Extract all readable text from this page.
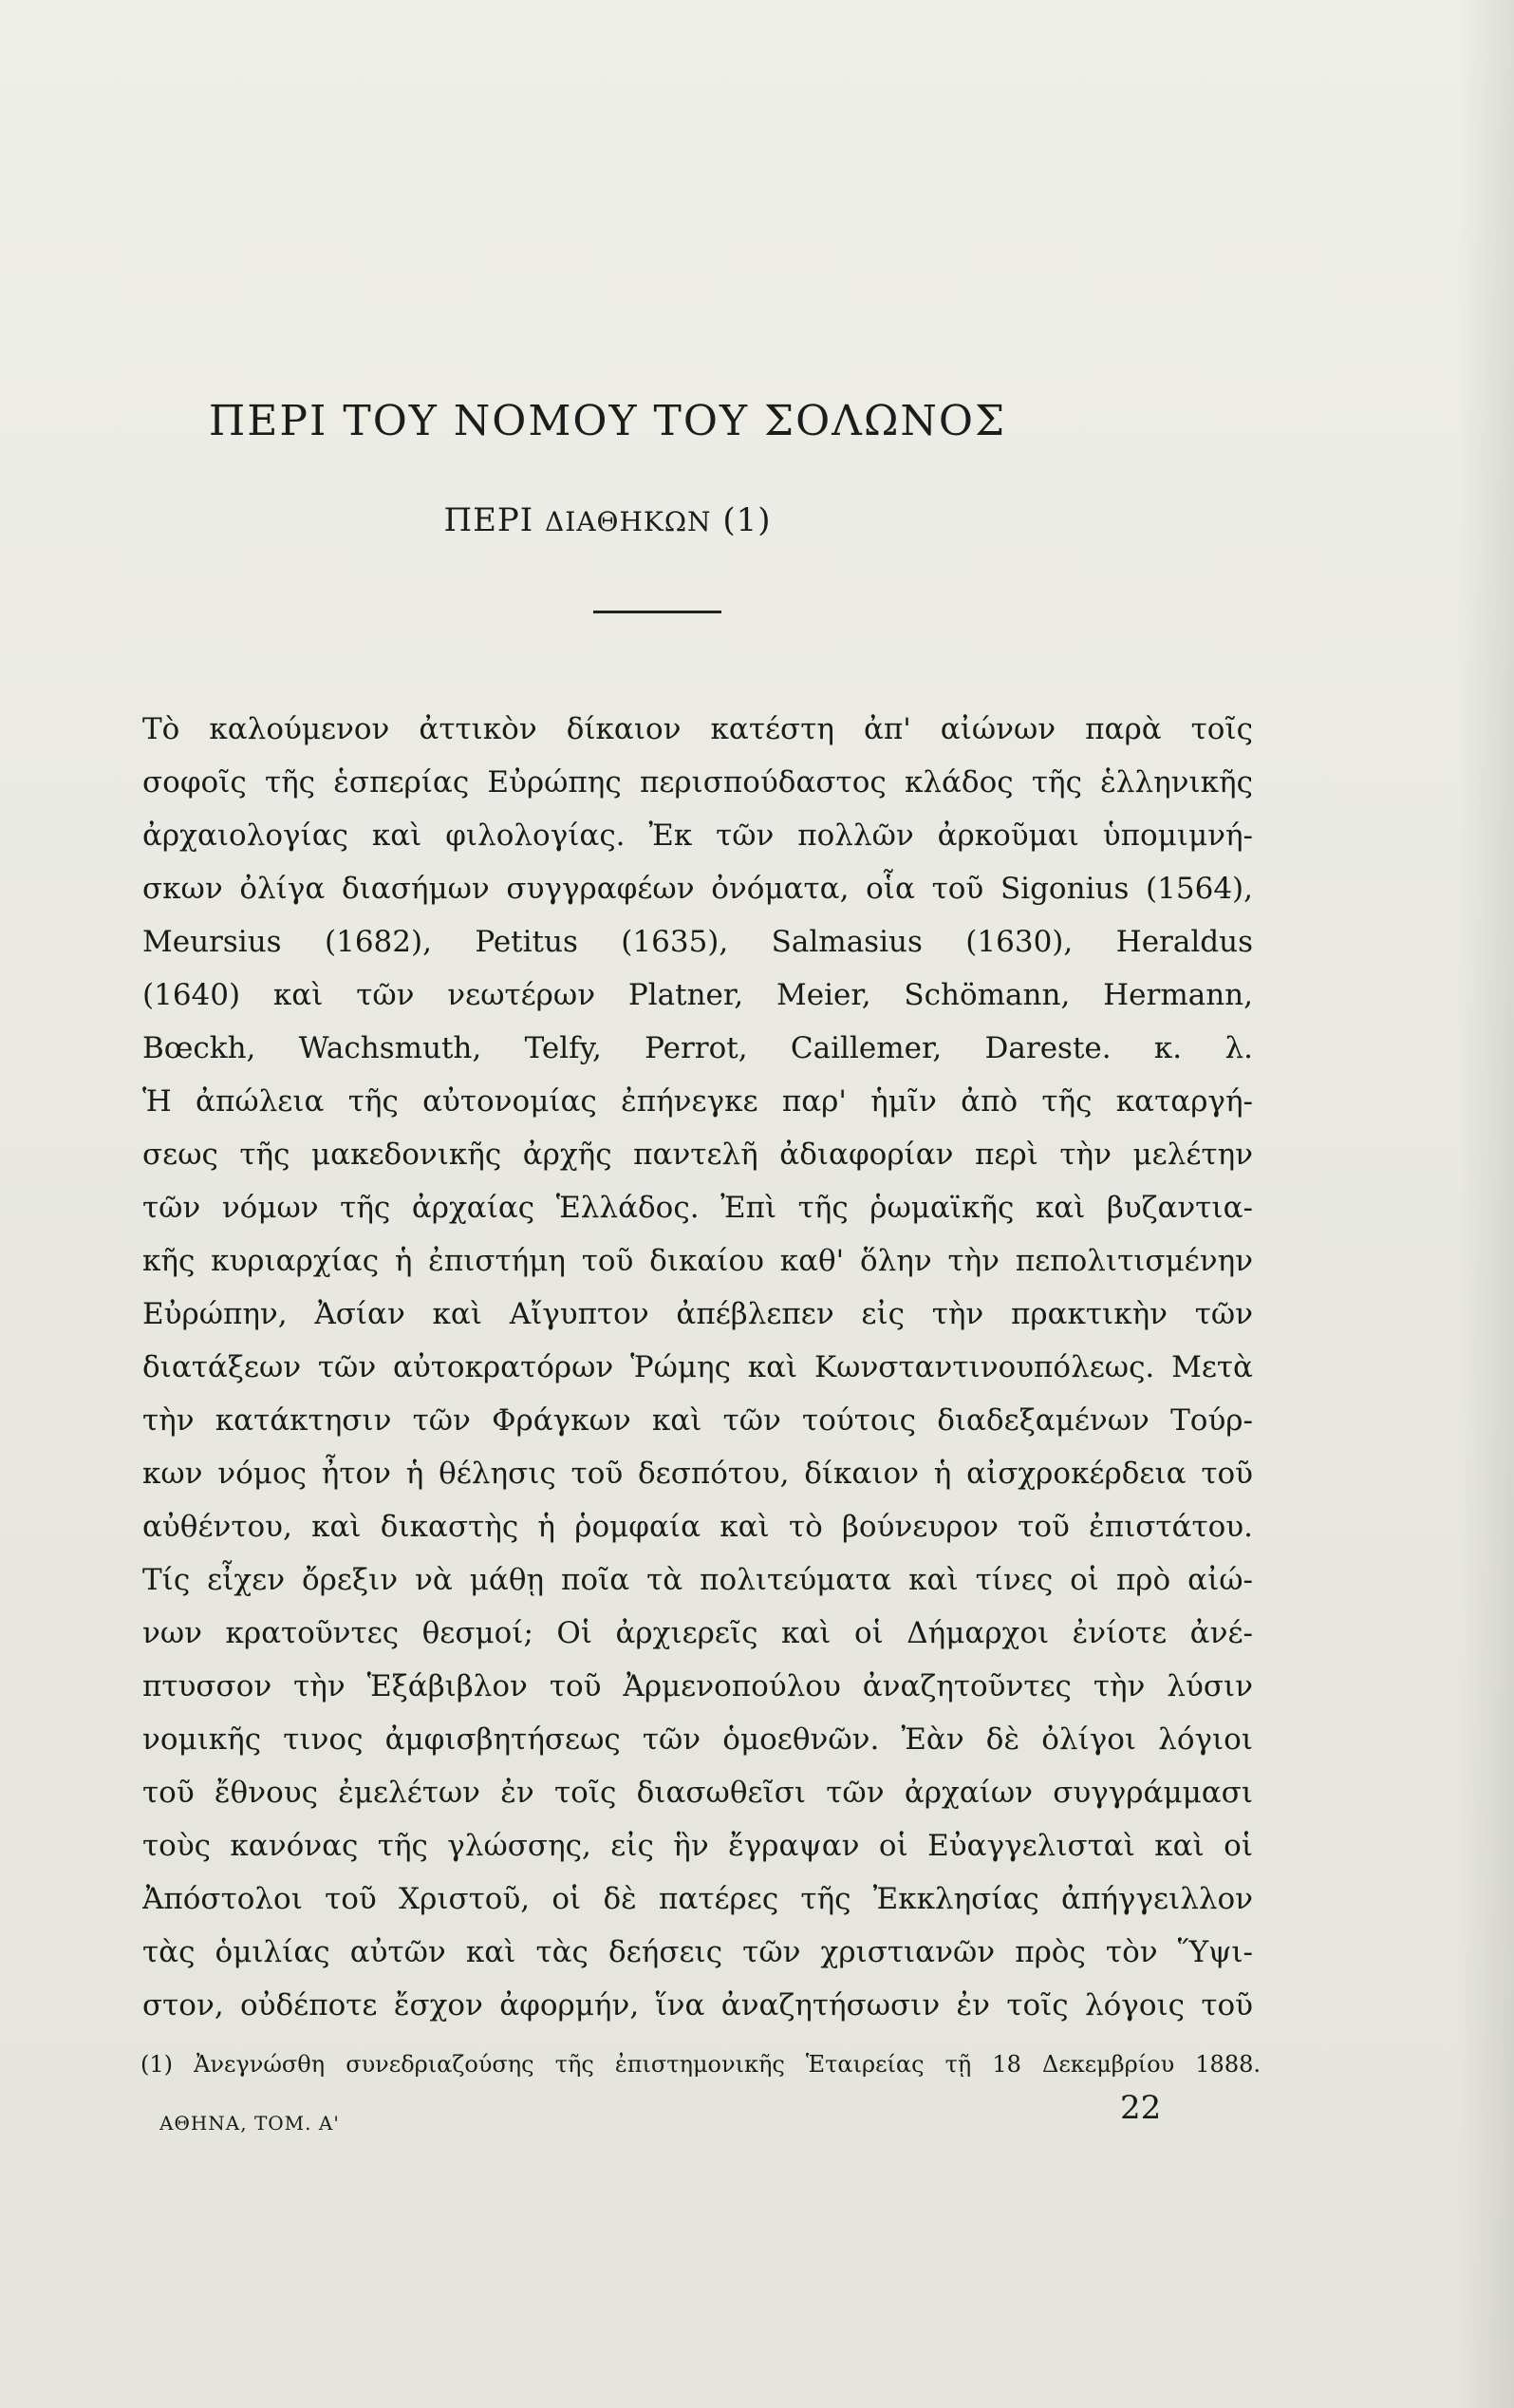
ΠΕΡΙ ΤΟΥ ΝΟΜΟΥ ΤΟΥ ΣΟΛΩΝΟΣ
ΠΕΡΙ ΔΙΑΘΗΚΩΝ (1)
Τὸ καλούμενον ἀττικὸν δίκαιον κατέστη ἀπ' αἰώνων παρὰ τοῖς
σοφοῖς τῆς ἑσπερίας Εὐρώπης περισπούδαστος κλάδος τῆς ἑλληνικῆς
ἀρχαιολογίας καὶ φιλολογίας. Ἐκ τῶν πολλῶν ἀρκοῦμαι ὑπομιμνή-
σκων ὀλίγα διασήμων συγγραφέων ὀνόματα, οἷα τοῦ Sigonius (1564),
Meursius (1682), Petitus (1635), Salmasius (1630), Heraldus
(1640) καὶ τῶν νεωτέρων Platner, Meier, Schömann, Hermann,
Bœckh, Wachsmuth, Telfy, Perrot, Caillemer, Dareste. κ. λ.
Ἡ ἀπώλεια τῆς αὐτονομίας ἐπήνεγκε παρ' ἡμῖν ἀπὸ τῆς καταργή-
σεως τῆς μακεδονικῆς ἀρχῆς παντελῆ ἀδιαφορίαν περὶ τὴν μελέτην
τῶν νόμων τῆς ἀρχαίας Ἑλλάδος. Ἐπὶ τῆς ῥωμαϊκῆς καὶ βυζαντια-
κῆς κυριαρχίας ἡ ἐπιστήμη τοῦ δικαίου καθ' ὅλην τὴν πεπολιτισμένην
Εὐρώπην, Ἀσίαν καὶ Αἴγυπτον ἀπέβλεπεν εἰς τὴν πρακτικὴν τῶν
διατάξεων τῶν αὐτοκρατόρων Ῥώμης καὶ Κωνσταντινουπόλεως. Μετὰ
τὴν κατάκτησιν τῶν Φράγκων καὶ τῶν τούτοις διαδεξαμένων Τούρ-
κων νόμος ἦτον ἡ θέλησις τοῦ δεσπότου, δίκαιον ἡ αἰσχροκέρδεια τοῦ
αὐθέντου, καὶ δικαστὴς ἡ ῥομφαία καὶ τὸ βούνευρον τοῦ ἐπιστάτου.
Τίς εἶχεν ὄρεξιν νὰ μάθῃ ποῖα τὰ πολιτεύματα καὶ τίνες οἱ πρὸ αἰώ-
νων κρατοῦντες θεσμοί; Οἱ ἀρχιερεῖς καὶ οἱ Δήμαρχοι ἐνίοτε ἀνέ-
πτυσσον τὴν Ἑξάβιβλον τοῦ Ἀρμενοπούλου ἀναζητοῦντες τὴν λύσιν
νομικῆς τινος ἀμφισβητήσεως τῶν ὁμοεθνῶν. Ἐὰν δὲ ὀλίγοι λόγιοι
τοῦ ἔθνους ἐμελέτων ἐν τοῖς διασωθεῖσι τῶν ἀρχαίων συγγράμμασι
τοὺς κανόνας τῆς γλώσσης, εἰς ἣν ἔγραψαν οἱ Εὐαγγελισταὶ καὶ οἱ
Ἀπόστολοι τοῦ Χριστοῦ, οἱ δὲ πατέρες τῆς Ἐκκλησίας ἀπήγγειλλον
τὰς ὁμιλίας αὐτῶν καὶ τὰς δεήσεις τῶν χριστιανῶν πρὸς τὸν Ὕψι-
στον, οὐδέποτε ἔσχον ἀφορμήν, ἵνα ἀναζητήσωσιν ἐν τοῖς λόγοις τοῦ
(1) Ἀνεγνώσθη συνεδριαζούσης τῆς ἐπιστημονικῆς Ἑταιρείας τῇ 18 Δεκεμβρίου 1888.
22
ΑΘΗΝΑ, ΤΟΜ. Α'
